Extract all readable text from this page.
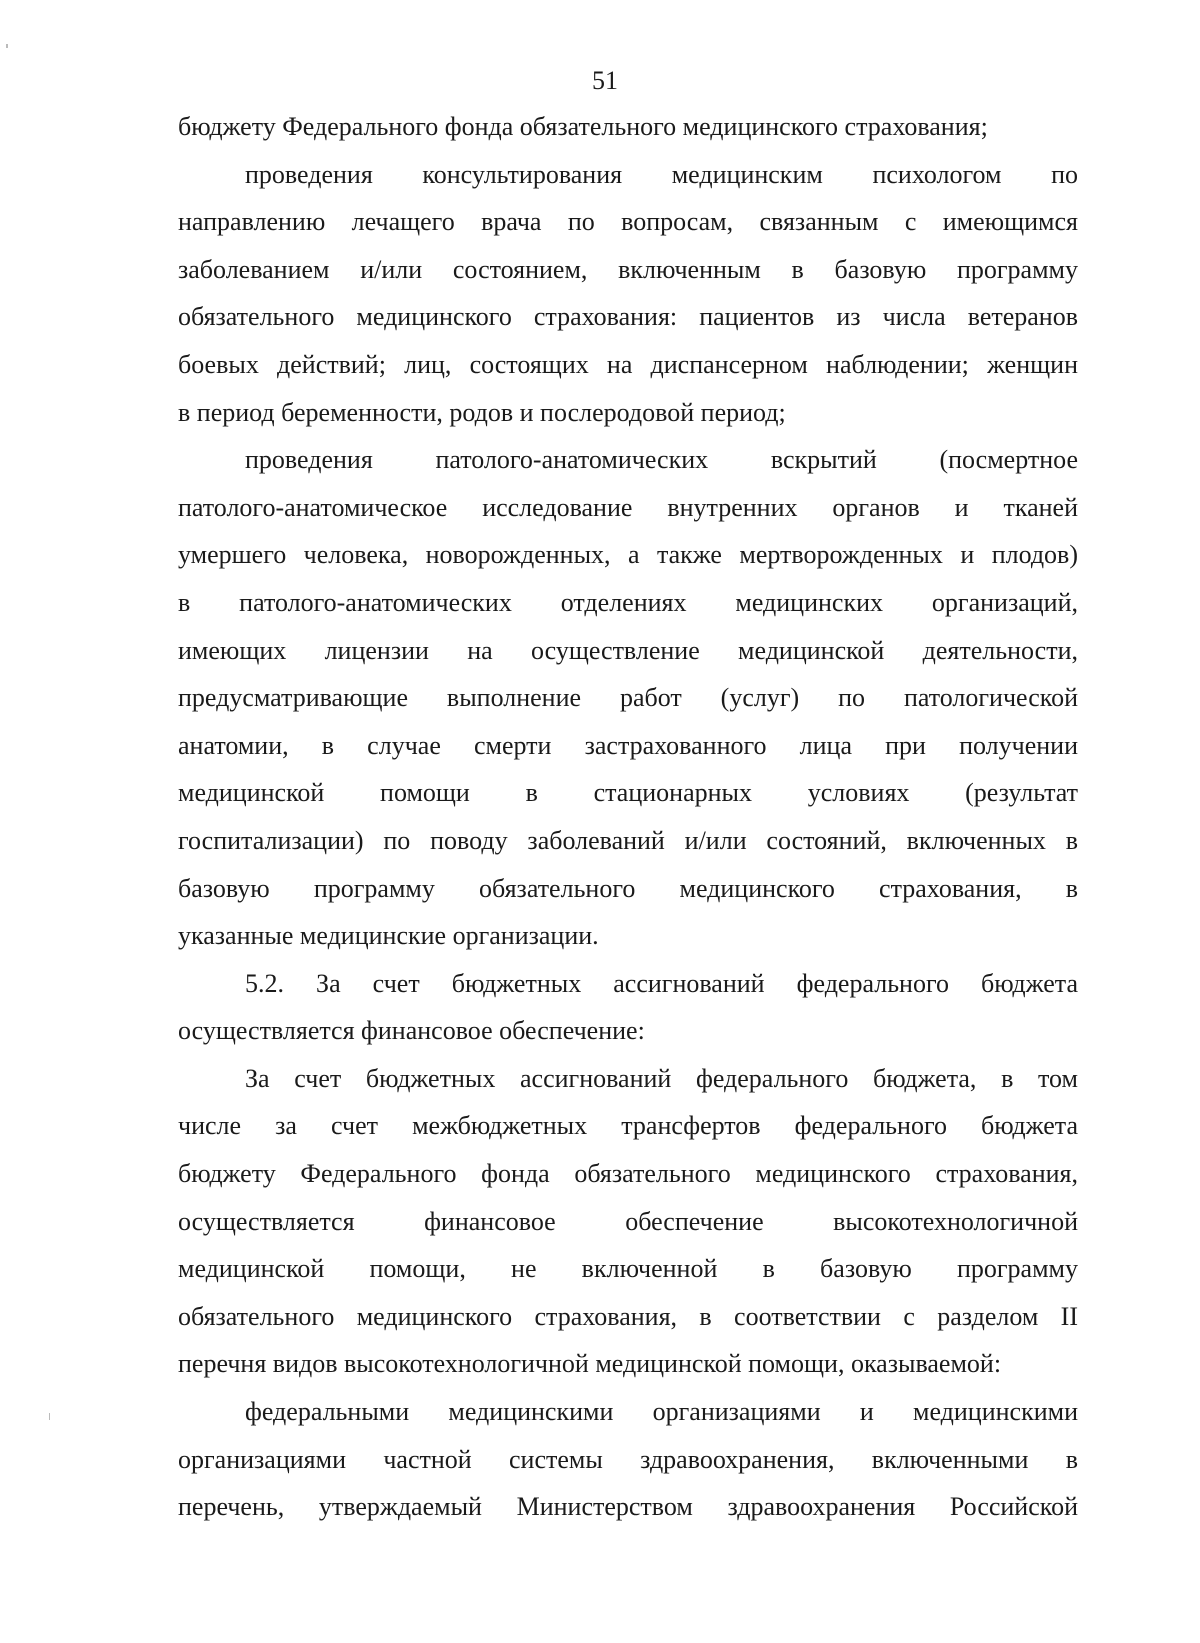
51
бюджету Федерального фонда обязательного медицинского страхования;
проведения консультирования медицинским психологом по
направлению лечащего врача по вопросам, связанным с имеющимся
заболеванием и/или состоянием, включенным в базовую программу
обязательного медицинского страхования: пациентов из числа ветеранов
боевых действий; лиц, состоящих на диспансерном наблюдении; женщин
в период беременности, родов и послеродовой период;
проведения патолого-анатомических вскрытий (посмертное
патолого-анатомическое исследование внутренних органов и тканей
умершего человека, новорожденных, а также мертворожденных и плодов)
в патолого-анатомических отделениях медицинских организаций,
имеющих лицензии на осуществление медицинской деятельности,
предусматривающие выполнение работ (услуг) по патологической
анатомии, в случае смерти застрахованного лица при получении
медицинской помощи в стационарных условиях (результат
госпитализации) по поводу заболеваний и/или состояний, включенных в
базовую программу обязательного медицинского страхования, в
указанные медицинские организации.
5.2. За счет бюджетных ассигнований федерального бюджета
осуществляется финансовое обеспечение:
За счет бюджетных ассигнований федерального бюджета, в том
числе за счет межбюджетных трансфертов федерального бюджета
бюджету Федерального фонда обязательного медицинского страхования,
осуществляется финансовое обеспечение высокотехнологичной
медицинской помощи, не включенной в базовую программу
обязательного медицинского страхования, в соответствии с разделом II
перечня видов высокотехнологичной медицинской помощи, оказываемой:
федеральными медицинскими организациями и медицинскими
организациями частной системы здравоохранения, включенными в
перечень, утверждаемый Министерством здравоохранения Российской
